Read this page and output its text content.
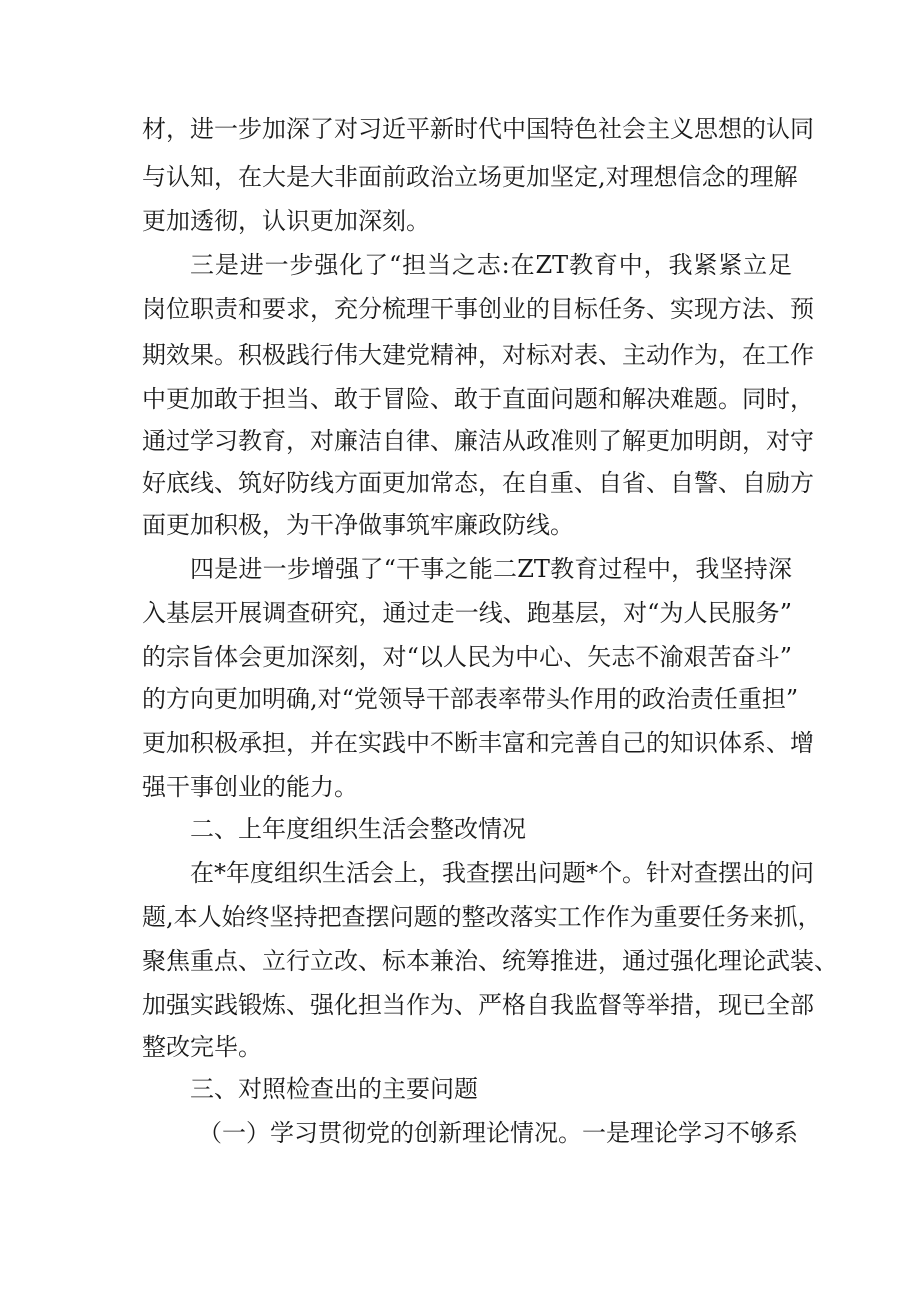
材，进一步加深了对习近平新时代中国特色社会主义思想的认同
与认知，在大是大非面前政治立场更加坚定,对理想信念的理解
更加透彻，认识更加深刻。
三是进一步强化了“担当之志:在ZT教育中，我紧紧立足
岗位职责和要求，充分梳理干事创业的目标任务、实现方法、预
期效果。积极践行伟大建党精神，对标对表、主动作为，在工作
中更加敢于担当、敢于冒险、敢于直面问题和解决难题。同时，
通过学习教育，对廉洁自律、廉洁从政准则了解更加明朗，对守
好底线、筑好防线方面更加常态，在自重、自省、自警、自励方
面更加积极，为干净做事筑牢廉政防线。
四是进一步增强了“干事之能二ZT教育过程中，我坚持深
入基层开展调查研究，通过走一线、跑基层，对“为人民服务”
的宗旨体会更加深刻，对“以人民为中心、矢志不渝艰苦奋斗”
的方向更加明确,对“党领导干部表率带头作用的政治责任重担”
更加积极承担，并在实践中不断丰富和完善自己的知识体系、增
强干事创业的能力。
二、上年度组织生活会整改情况
在*年度组织生活会上，我查摆出问题*个。针对查摆出的问
题,本人始终坚持把查摆问题的整改落实工作作为重要任务来抓，
聚焦重点、立行立改、标本兼治、统筹推进，通过强化理论武装、
加强实践锻炼、强化担当作为、严格自我监督等举措，现已全部
整改完毕。
三、对照检查出的主要问题
（一）学习贯彻党的创新理论情况。一是理论学习不够系
